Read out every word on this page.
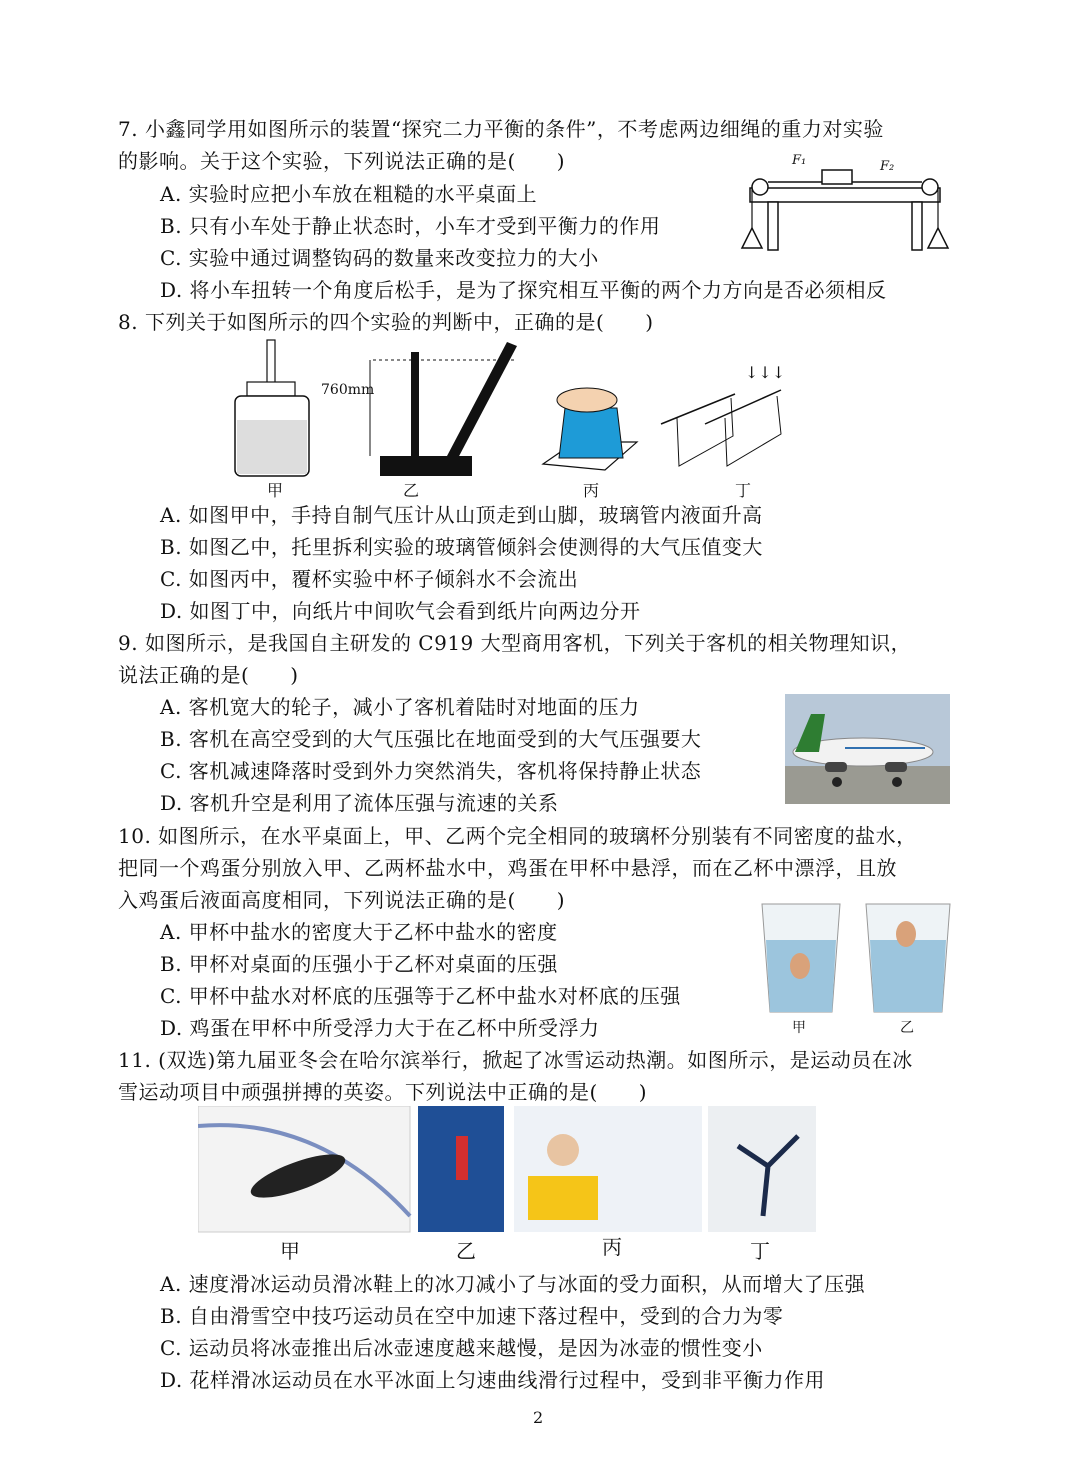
7. 小鑫同学用如图所示的装置“探究二力平衡的条件”，不考虑两边细绳的重力对实验
的影响。关于这个实验，下列说法正确的是(　　)
A. 实验时应把小车放在粗糙的水平桌面上
B. 只有小车处于静止状态时，小车才受到平衡力的作用
C. 实验中通过调整钩码的数量来改变拉力的大小
D. 将小车扭转一个角度后松手，是为了探究相互平衡的两个力方向是否必须相反
F₁	F₂
8. 下列关于如图所示的四个实验的判断中，正确的是(　　)
甲
760mm
乙	丙
↓↓↓
丁
A. 如图甲中，手持自制气压计从山顶走到山脚，玻璃管内液面升高
B. 如图乙中，托里拆利实验的玻璃管倾斜会使测得的大气压值变大
C. 如图丙中，覆杯实验中杯子倾斜水不会流出
D. 如图丁中，向纸片中间吹气会看到纸片向两边分开
9. 如图所示，是我国自主研发的 C919 大型商用客机，下列关于客机的相关物理知识，
说法正确的是(　　)
A. 客机宽大的轮子，减小了客机着陆时对地面的压力
B. 客机在高空受到的大气压强比在地面受到的大气压强要大
C. 客机减速降落时受到外力突然消失，客机将保持静止状态
D. 客机升空是利用了流体压强与流速的关系
10. 如图所示，在水平桌面上，甲、乙两个完全相同的玻璃杯分别装有不同密度的盐水，
把同一个鸡蛋分别放入甲、乙两杯盐水中，鸡蛋在甲杯中悬浮，而在乙杯中漂浮，且放
入鸡蛋后液面高度相同，下列说法正确的是(　　)
A. 甲杯中盐水的密度大于乙杯中盐水的密度
B. 甲杯对桌面的压强小于乙杯对桌面的压强
C. 甲杯中盐水对杯底的压强等于乙杯中盐水对杯底的压强
D. 鸡蛋在甲杯中所受浮力大于在乙杯中所受浮力	甲	乙
11. (双选)第九届亚冬会在哈尔滨举行，掀起了冰雪运动热潮。如图所示，是运动员在冰
雪运动项目中顽强拼搏的英姿。下列说法中正确的是(　　)
甲	乙	丙	丁
A. 速度滑冰运动员滑冰鞋上的冰刀减小了与冰面的受力面积，从而增大了压强
B. 自由滑雪空中技巧运动员在空中加速下落过程中，受到的合力为零
C. 运动员将冰壶推出后冰壶速度越来越慢，是因为冰壶的惯性变小
D. 花样滑冰运动员在水平冰面上匀速曲线滑行过程中，受到非平衡力作用
2
